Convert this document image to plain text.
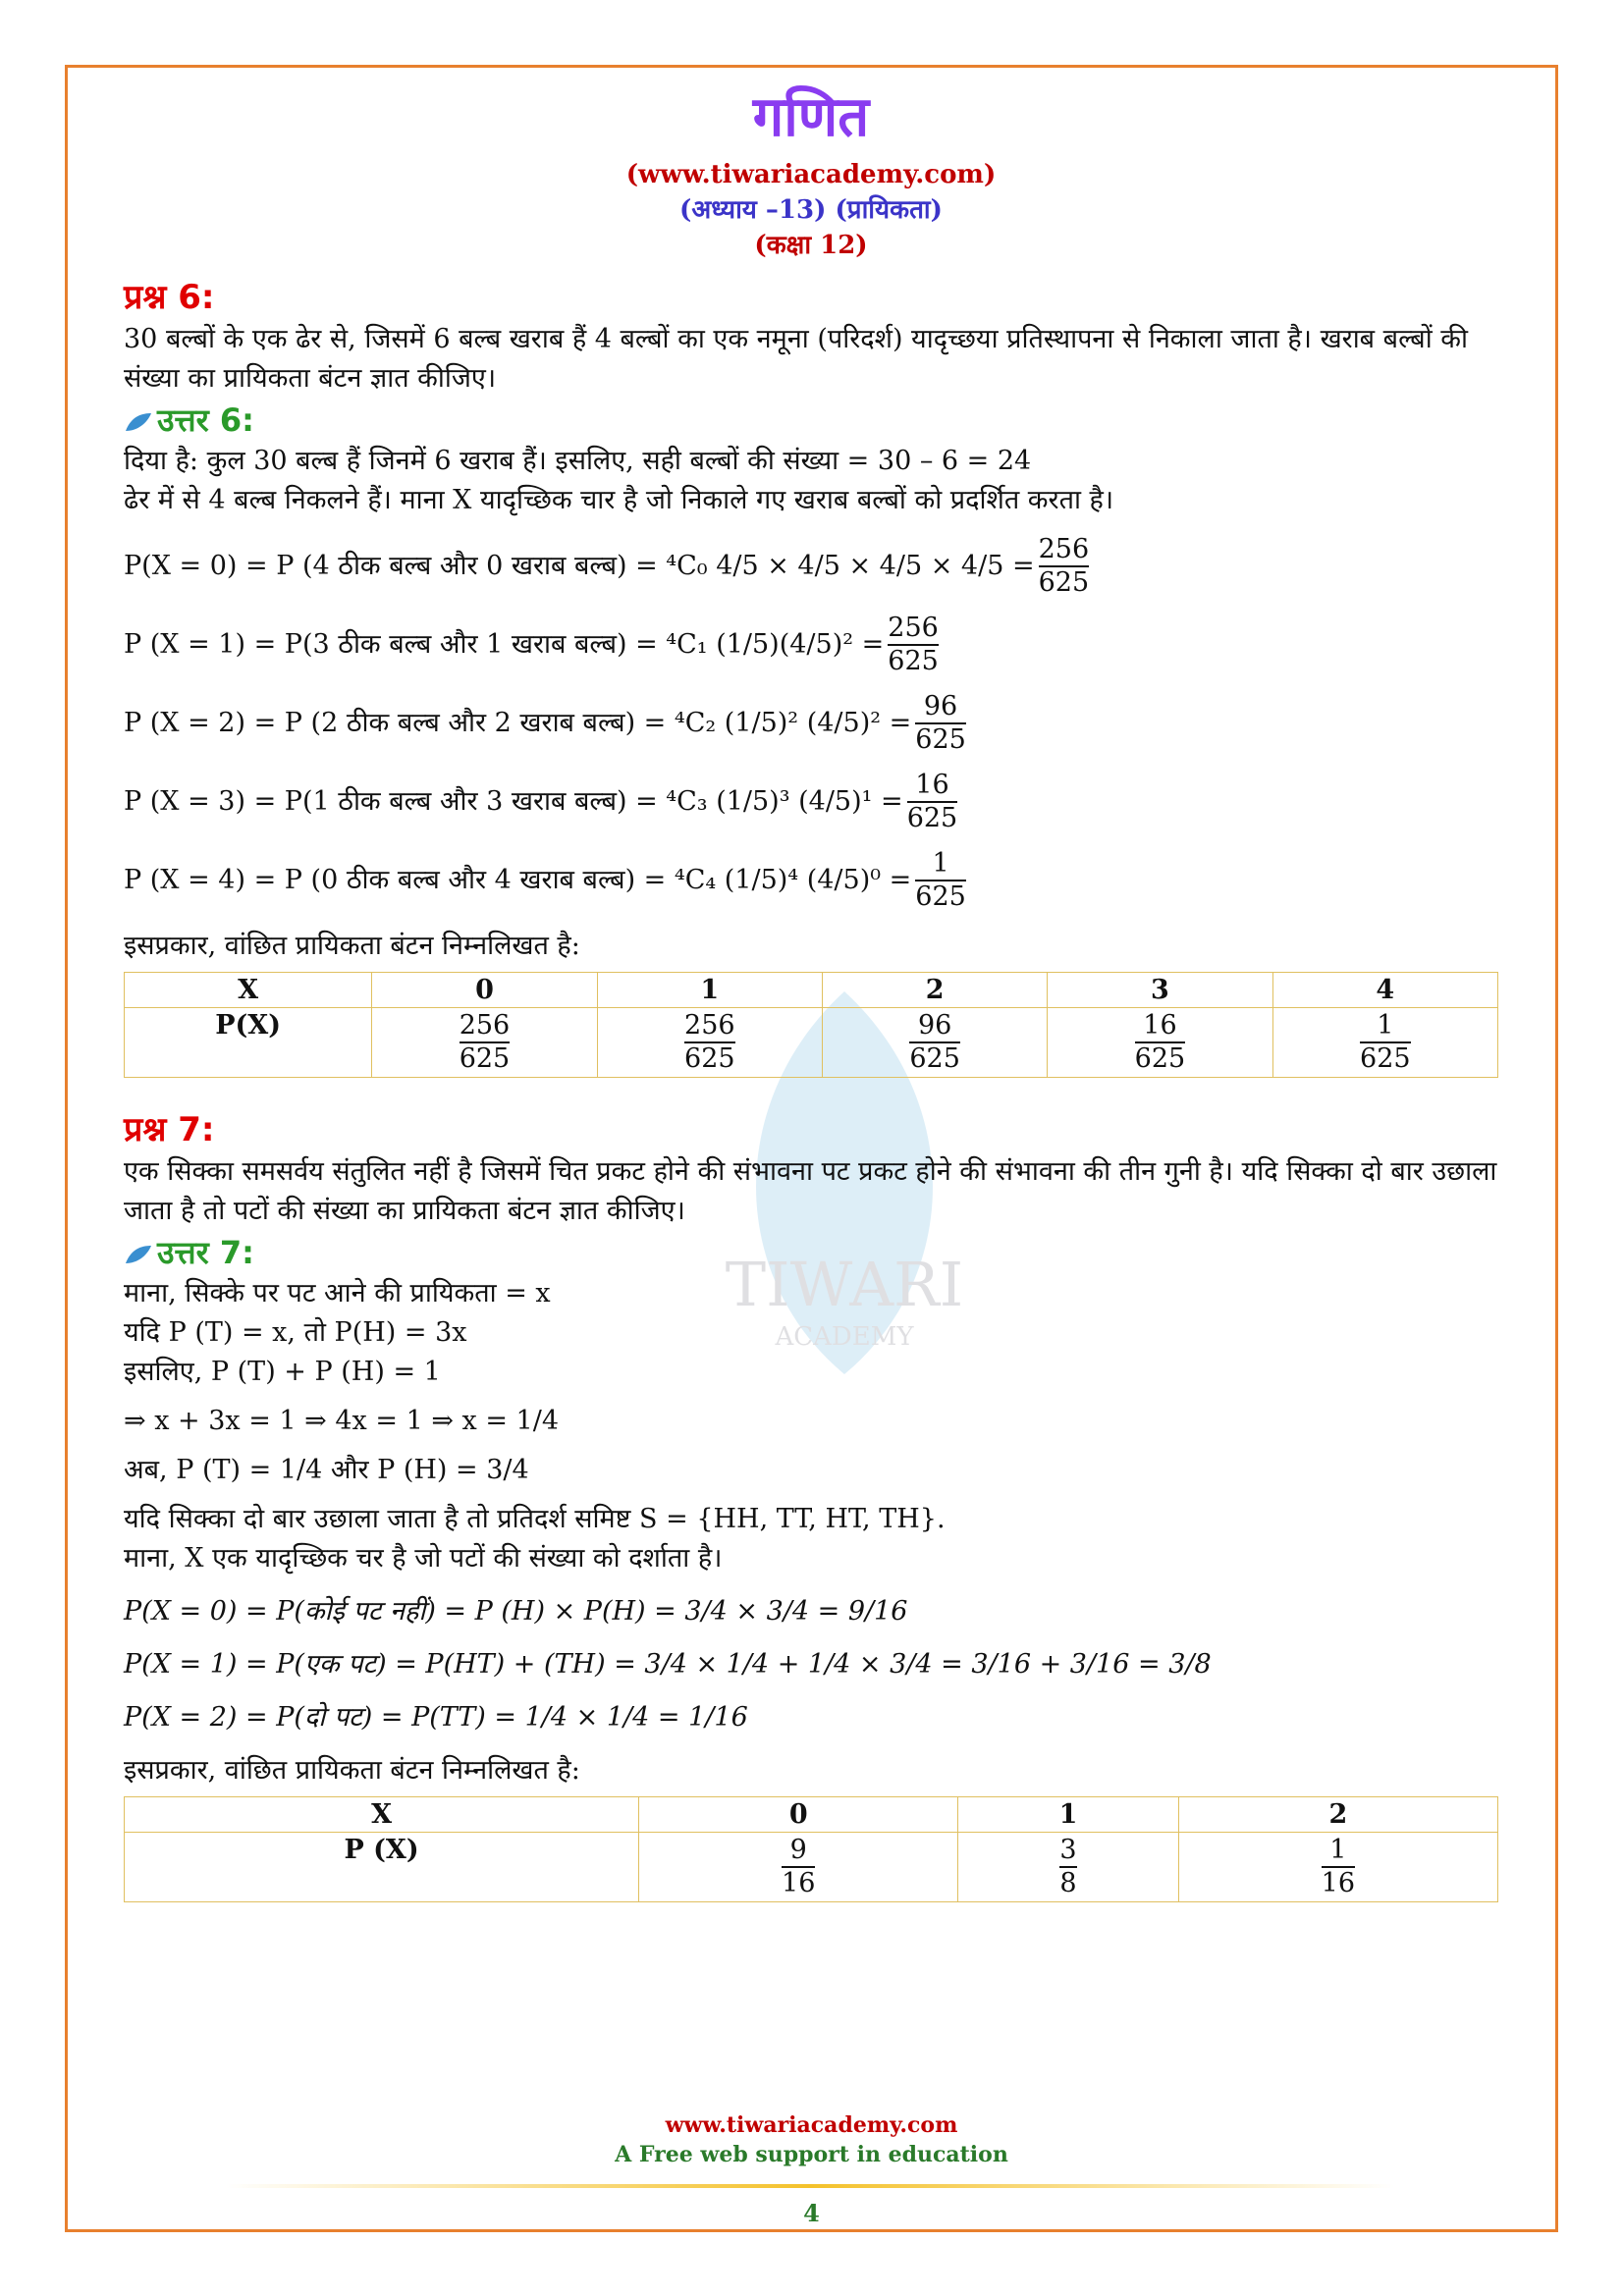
TIWARI
ACADEMY
गणित
(www.tiwariacademy.com)
(अध्याय –13) (प्रायिकता)
(कक्षा 12)
प्रश्न 6:

30 बल्बों के एक ढेर से, जिसमें 6 बल्ब खराब हैं 4 बल्बों का एक नमूना (परिदर्श) यादृच्छया प्रतिस्थापना से निकाला जाता है। खराब बल्बों की संख्या का प्रायिकता बंटन ज्ञात कीजिए।

उत्तर 6:

दिया है: कुल 30 बल्ब हैं जिनमें 6 खराब हैं। इसलिए, सही बल्बों की संख्या = 30 – 6 = 24

ढेर में से 4 बल्ब निकलने हैं। माना X यादृच्छिक चार है जो निकाले गए खराब बल्बों को प्रदर्शित करता है।

P(X = 0) = P (4 ठीक बल्ब और 0 खराब बल्ब) = ⁴C₀ $4/5 \times 4/5 \times 4/5 \times 4/5 = \frac{256}{625}$
P (X = 1) = P(3 ठीक बल्ब और 1 खराब बल्ब) = ⁴C₁ $(1/5)(4/5)^2 = \frac{256}{625}$
P (X = 2) = P (2 ठीक बल्ब और 2 खराब बल्ब) = ⁴C₂ (1/5)² $(4/5)^2 = \frac{96}{625}$
P (X = 3) = P(1 ठीक बल्ब और 3 खराब बल्ब) = ⁴C₃ (1/5)³ $(4/5)^1 = \frac{16}{625}$
P (X = 4) = P (0 ठीक बल्ब और 4 खराब बल्ब) = ⁴C₄ (1/5)⁴ $(4/5)^0 = \frac{1}{625}$

इसप्रकार, वांछित प्रायिकता बंटन निम्नलिखत है:

X	0	1	2	3	4
P(X)	$\frac{256}{625}$	$\frac{256}{625}$	$\frac{96}{625}$	$\frac{16}{625}$	$\frac{1}{625}$
प्रश्न 7:

एक सिक्का समसर्वय संतुलित नहीं है जिसमें चित प्रकट होने की संभावना पट प्रकट होने की संभावना की तीन गुनी है। यदि सिक्का दो बार उछाला जाता है तो पटों की संख्या का प्रायिकता बंटन ज्ञात कीजिए।

उत्तर 7:

माना, सिक्के पर पट आने की प्रायिकता = x

यदि P (T) = x, तो P(H) = 3x

इसलिए, P (T) + P (H) = 1

⇒ x + 3x = 1 ⇒ 4x = 1 ⇒ x = 1/4

अब, P (T) = 1/4 और P (H) = 3/4

यदि सिक्का दो बार उछाला जाता है तो प्रतिदर्श समिष्ट S = {HH, TT, HT, TH}.

माना, X एक यादृच्छिक चर है जो पटों की संख्या को दर्शाता है।

P(X = 0) = P(कोई पट नहीं) = P (H) × P(H) = 3/4 × 3/4 = 9/16

P(X = 1) = P(एक पट) = P(HT) + (TH) = 3/4 × 1/4 + 1/4 × 3/4 = 3/16 + 3/16 = 3/8

P(X = 2) = P(दो पट) = P(TT) = 1/4 × 1/4 = 1/16

इसप्रकार, वांछित प्रायिकता बंटन निम्नलिखत है:

X	0	1	2
P (X)	$\frac{9}{16}$	$\frac{3}{8}$	$\frac{1}{16}$
www.tiwariacademy.com
A Free web support in education
4
